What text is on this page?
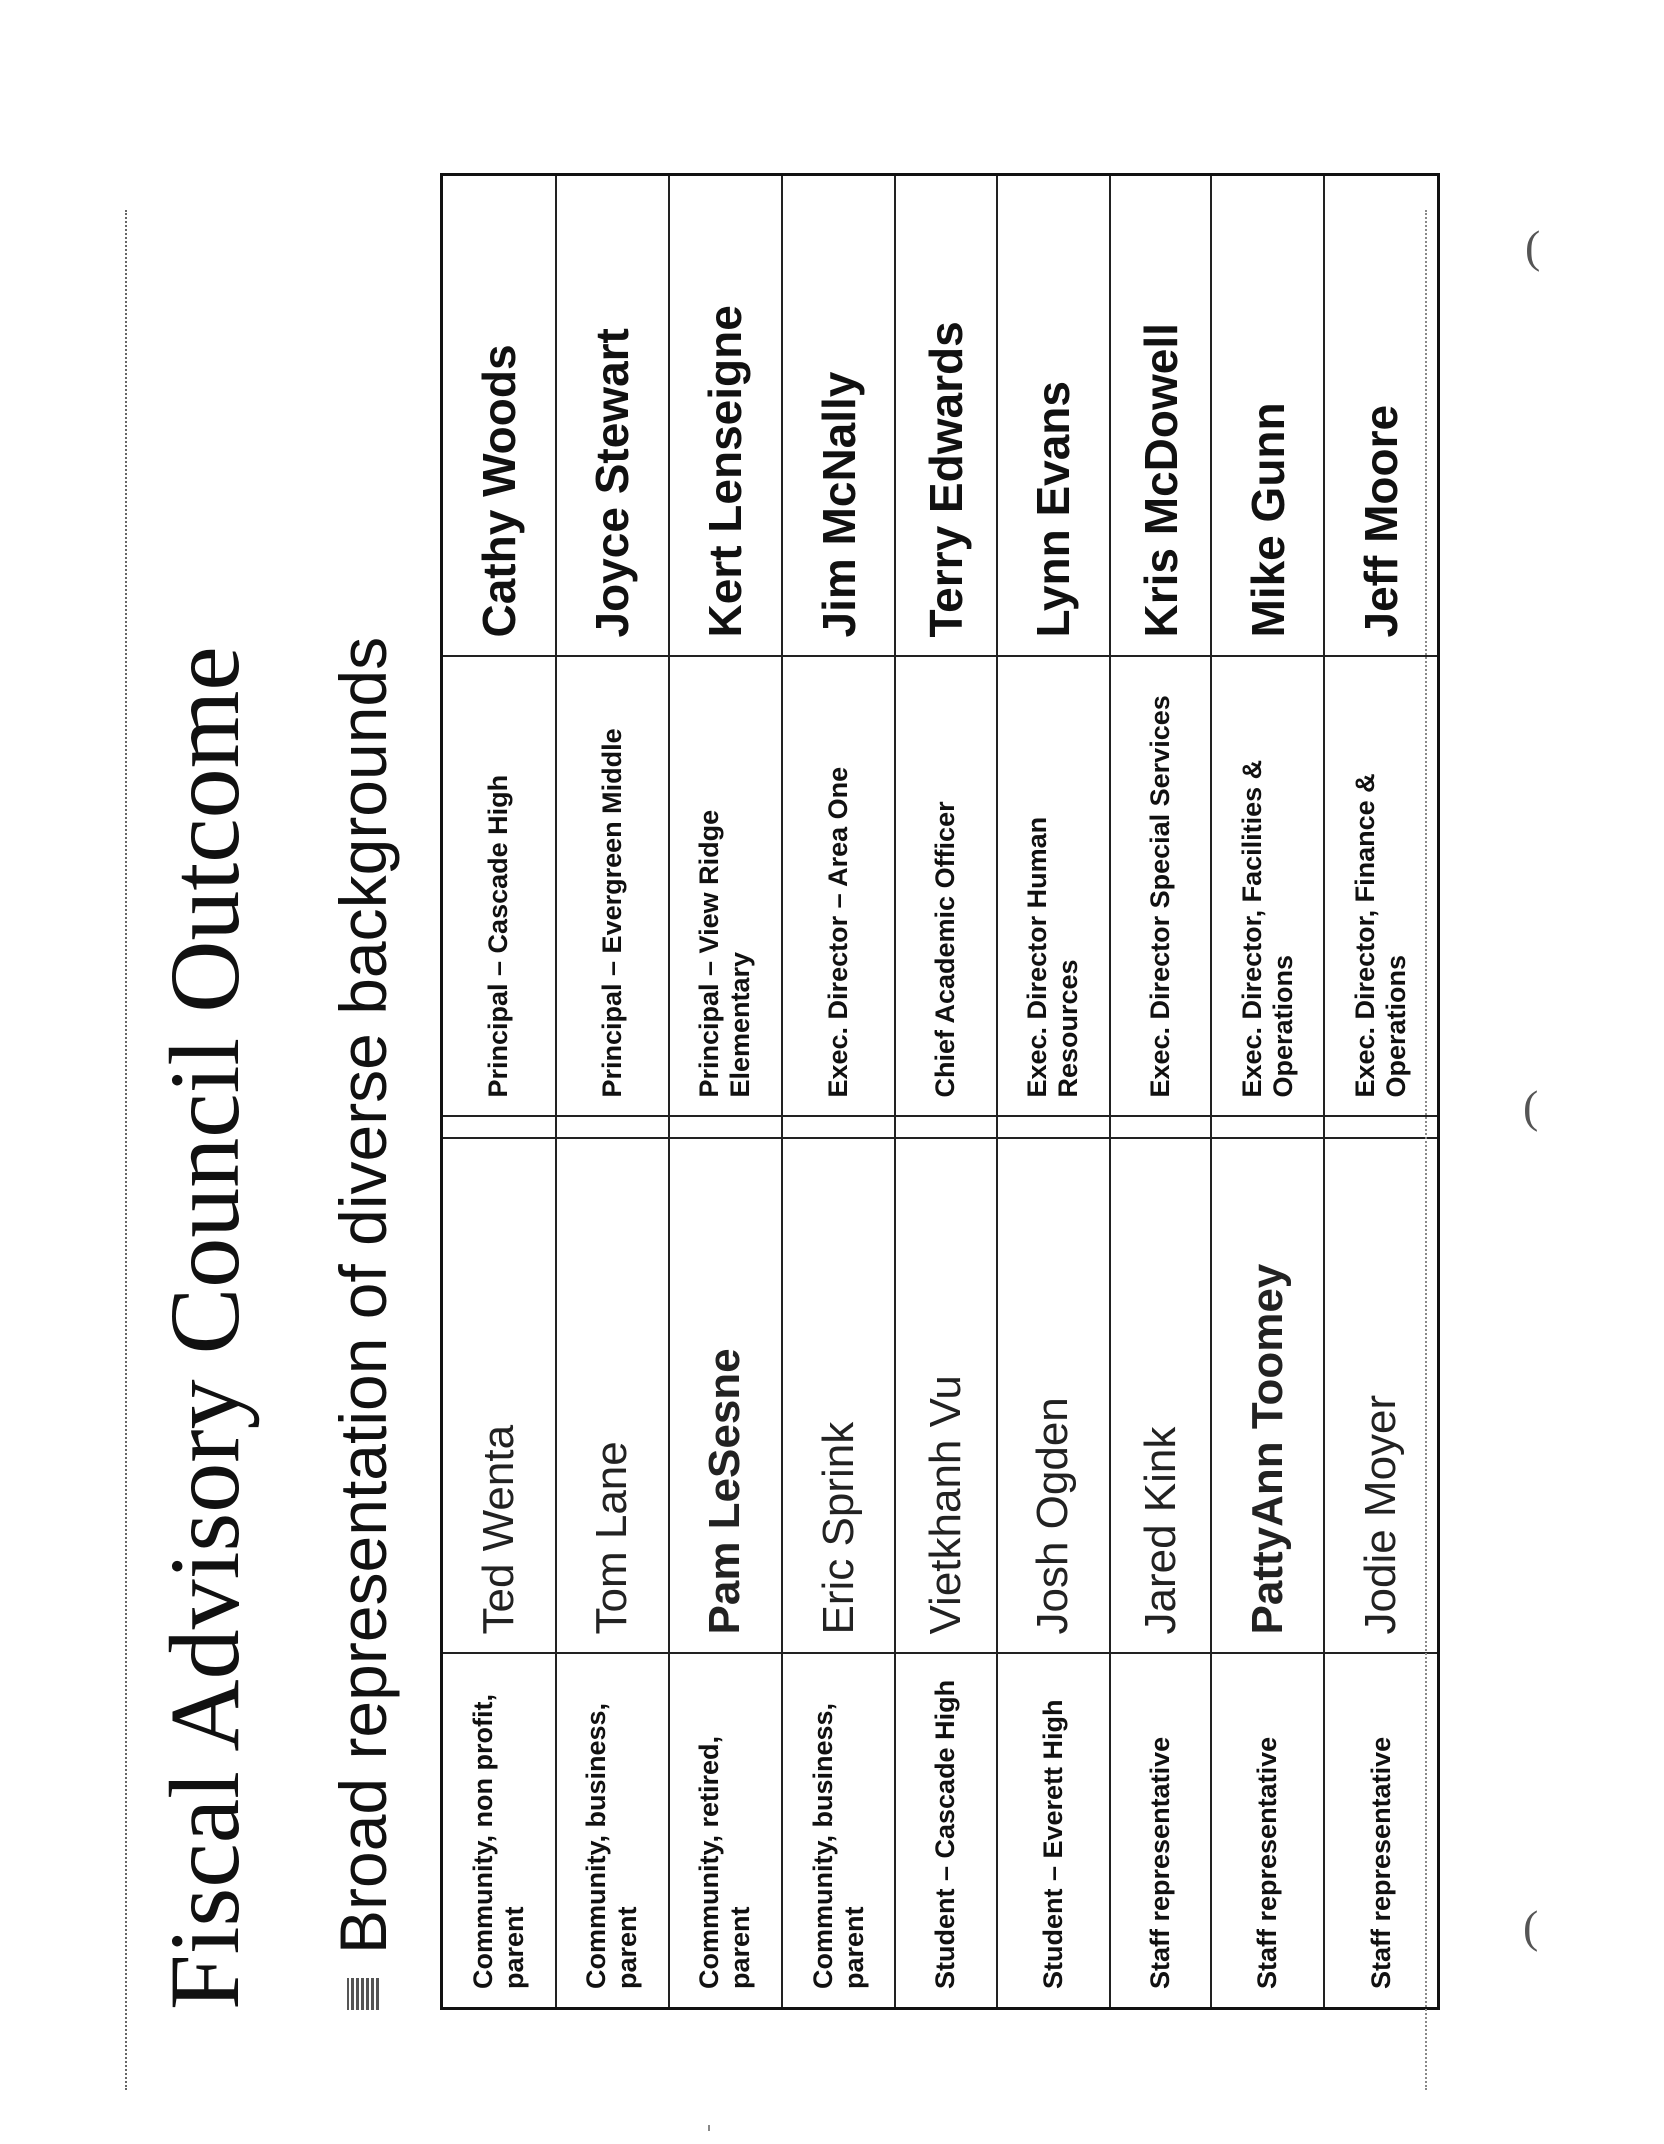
Fiscal Advisory Council Outcome Broad representation of diverse backgrounds	Community, non profit, parent	Ted Wenta		Principal – Cascade High	Cathy Woods
Community, business, parent	Tom Lane		Principal – Evergreen Middle	Joyce Stewart
Community, retired, parent	Pam LeSesne		Principal – View Ridge Elementary	Kert Lenseigne
Community, business, parent	Eric Sprink		Exec. Director – Area One	Jim McNally
Student – Cascade High	Vietkhanh Vu		Chief Academic Officer	Terry Edwards
Student – Everett High	Josh Ogden		Exec. Director Human Resources	Lynn Evans
Staff representative	Jared Kink		Exec. Director Special Services	Kris McDowell
Staff representative	PattyAnn Toomey		Exec. Director, Facilities & Operations	Mike Gunn
Staff representative	Jodie Moyer		Exec. Director, Finance & Operations	Jeff Moore
(
(
(
